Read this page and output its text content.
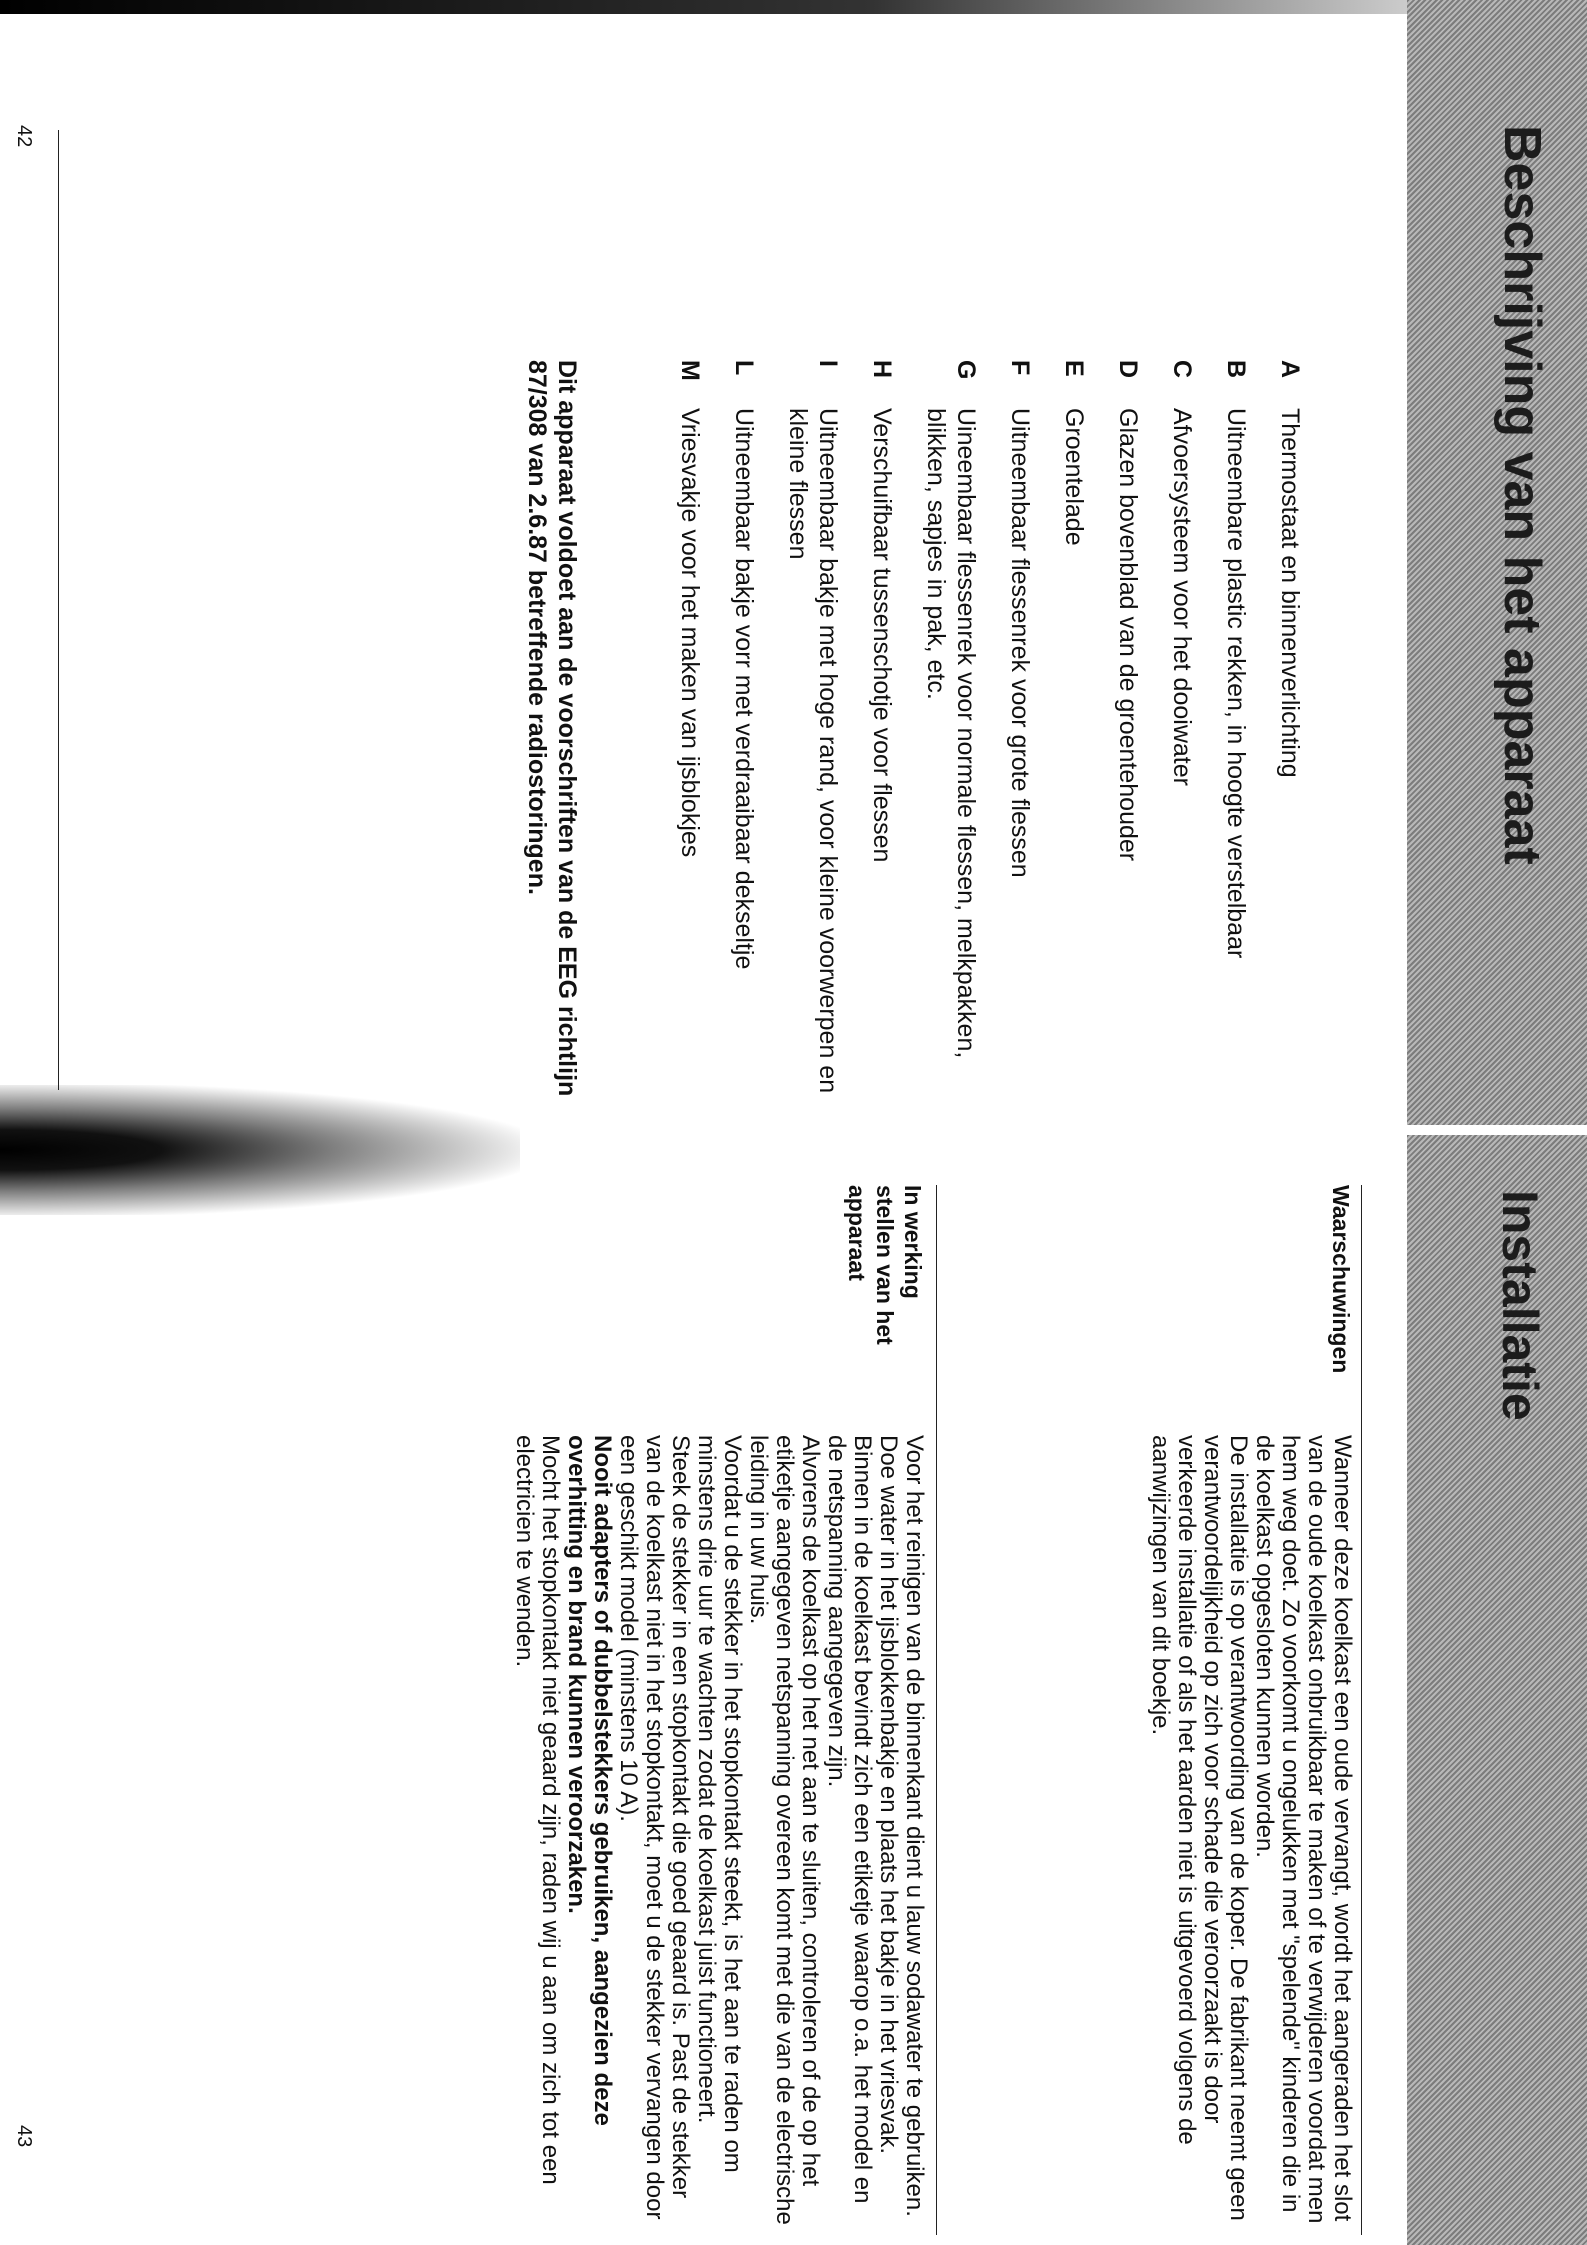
Beschrijving van het apparaat
A
Thermostaat en binnenverlichting
B
Uitneembare plastic rekken, in hoogte verstelbaar
C
Afvoersysteem voor het dooiwater
D
Glazen bovenblad van de groentehouder
E
Groentelade
F
Uitneembaar flessenrek voor grote flessen
G
Uineembaar flessenrek voor normale flessen, melkpakken, blikken, sapjes in pak, etc.
H
Verschuifbaar tussenschotje voor flessen
I
Uitneembaar bakje met hoge rand, voor kleine voorwerpen en kleine flessen
L
Uitneembaar bakje vorr met verdraaibaar dekseltje
M
Vriesvakje voor het maken van ijsblokjes
Dit apparaat voldoet aan de voorschriften van de EEG richtlijn 87/308 van 2.6.87 betreffende radiostoringen.
42
Installatie
Waarschuwingen

Wanneer deze koelkast een oude vervangt, wordt het aangeraden het slot van de oude koelkast onbruikbaar te maken of te verwijderen voordat men hem weg doet. Zo voorkomt u ongelukken met "spelende" kinderen die in de koelkast opgesloten kunnen worden.

De installatie is op verantwoording van de koper. De fabrikant neemt geen verantwoordelijkheid op zich voor schade die veroorzaakt is door verkeerde installatie of als het aarden niet is uitgevoerd volgens de aanwijzingen van dit boekje.

In werking stellen van het apparaat

Voor het reinigen van de binnenkant dient u lauw sodawater te gebruiken.

Doe water in het ijsblokkenbakje en plaats het bakje in het vriesvak.

Binnen in de koelkast bevindt zich een etiketje waarop o.a. het model en de netspanning aangegeven zijn.

Alvorens de koelkast op het net aan te sluiten, controleren of de op het etiketje aangegeven netspanning overeen komt met die van de electrische leiding in uw huis.

Voordat u de stekker in het stopkontakt steekt, is het aan te raden om minstens drie uur te wachten zodat de koelkast juist functioneert.

Steek de stekker in een stopkontakt die goed geaard is. Past de stekker van de koelkast niet in het stopkontakt, moet u de stekker vervangen door een geschikt model (minstens 10 A).

Nooit adapters of dubbelstekkers gebruiken, aangezien deze overhitting en brand kunnen veroorzaken.

Mocht het stopkontakt niet geaard zijn, raden wij u aan om zich tot een electricien te wenden.

43
